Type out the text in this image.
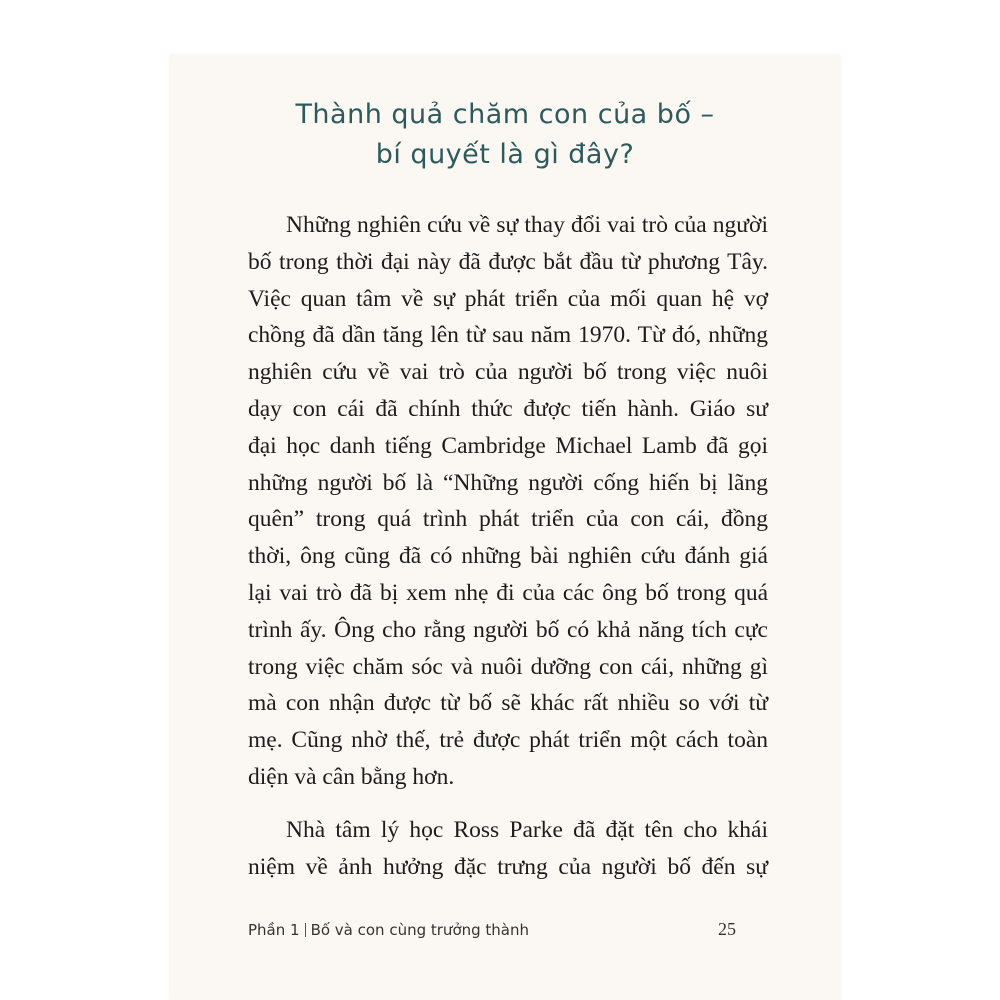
Thành quả chăm con của bố –
bí quyết là gì đây?
Những nghiên cứu về sự thay đổi vai trò của người
bố trong thời đại này đã được bắt đầu từ phương Tây.
Việc quan tâm về sự phát triển của mối quan hệ vợ
chồng đã dần tăng lên từ sau năm 1970. Từ đó, những
nghiên cứu về vai trò của người bố trong việc nuôi
dạy con cái đã chính thức được tiến hành. Giáo sư
đại học danh tiếng Cambridge Michael Lamb đã gọi
những người bố là “Những người cống hiến bị lãng
quên” trong quá trình phát triển của con cái, đồng
thời, ông cũng đã có những bài nghiên cứu đánh giá
lại vai trò đã bị xem nhẹ đi của các ông bố trong quá
trình ấy. Ông cho rằng người bố có khả năng tích cực
trong việc chăm sóc và nuôi dưỡng con cái, những gì
mà con nhận được từ bố sẽ khác rất nhiều so với từ
mẹ. Cũng nhờ thế, trẻ được phát triển một cách toàn
diện và cân bằng hơn.
Nhà tâm lý học Ross Parke đã đặt tên cho khái
niệm về ảnh hưởng đặc trưng của người bố đến sự
Phần 1 Bố và con cùng trưởng thành	25
